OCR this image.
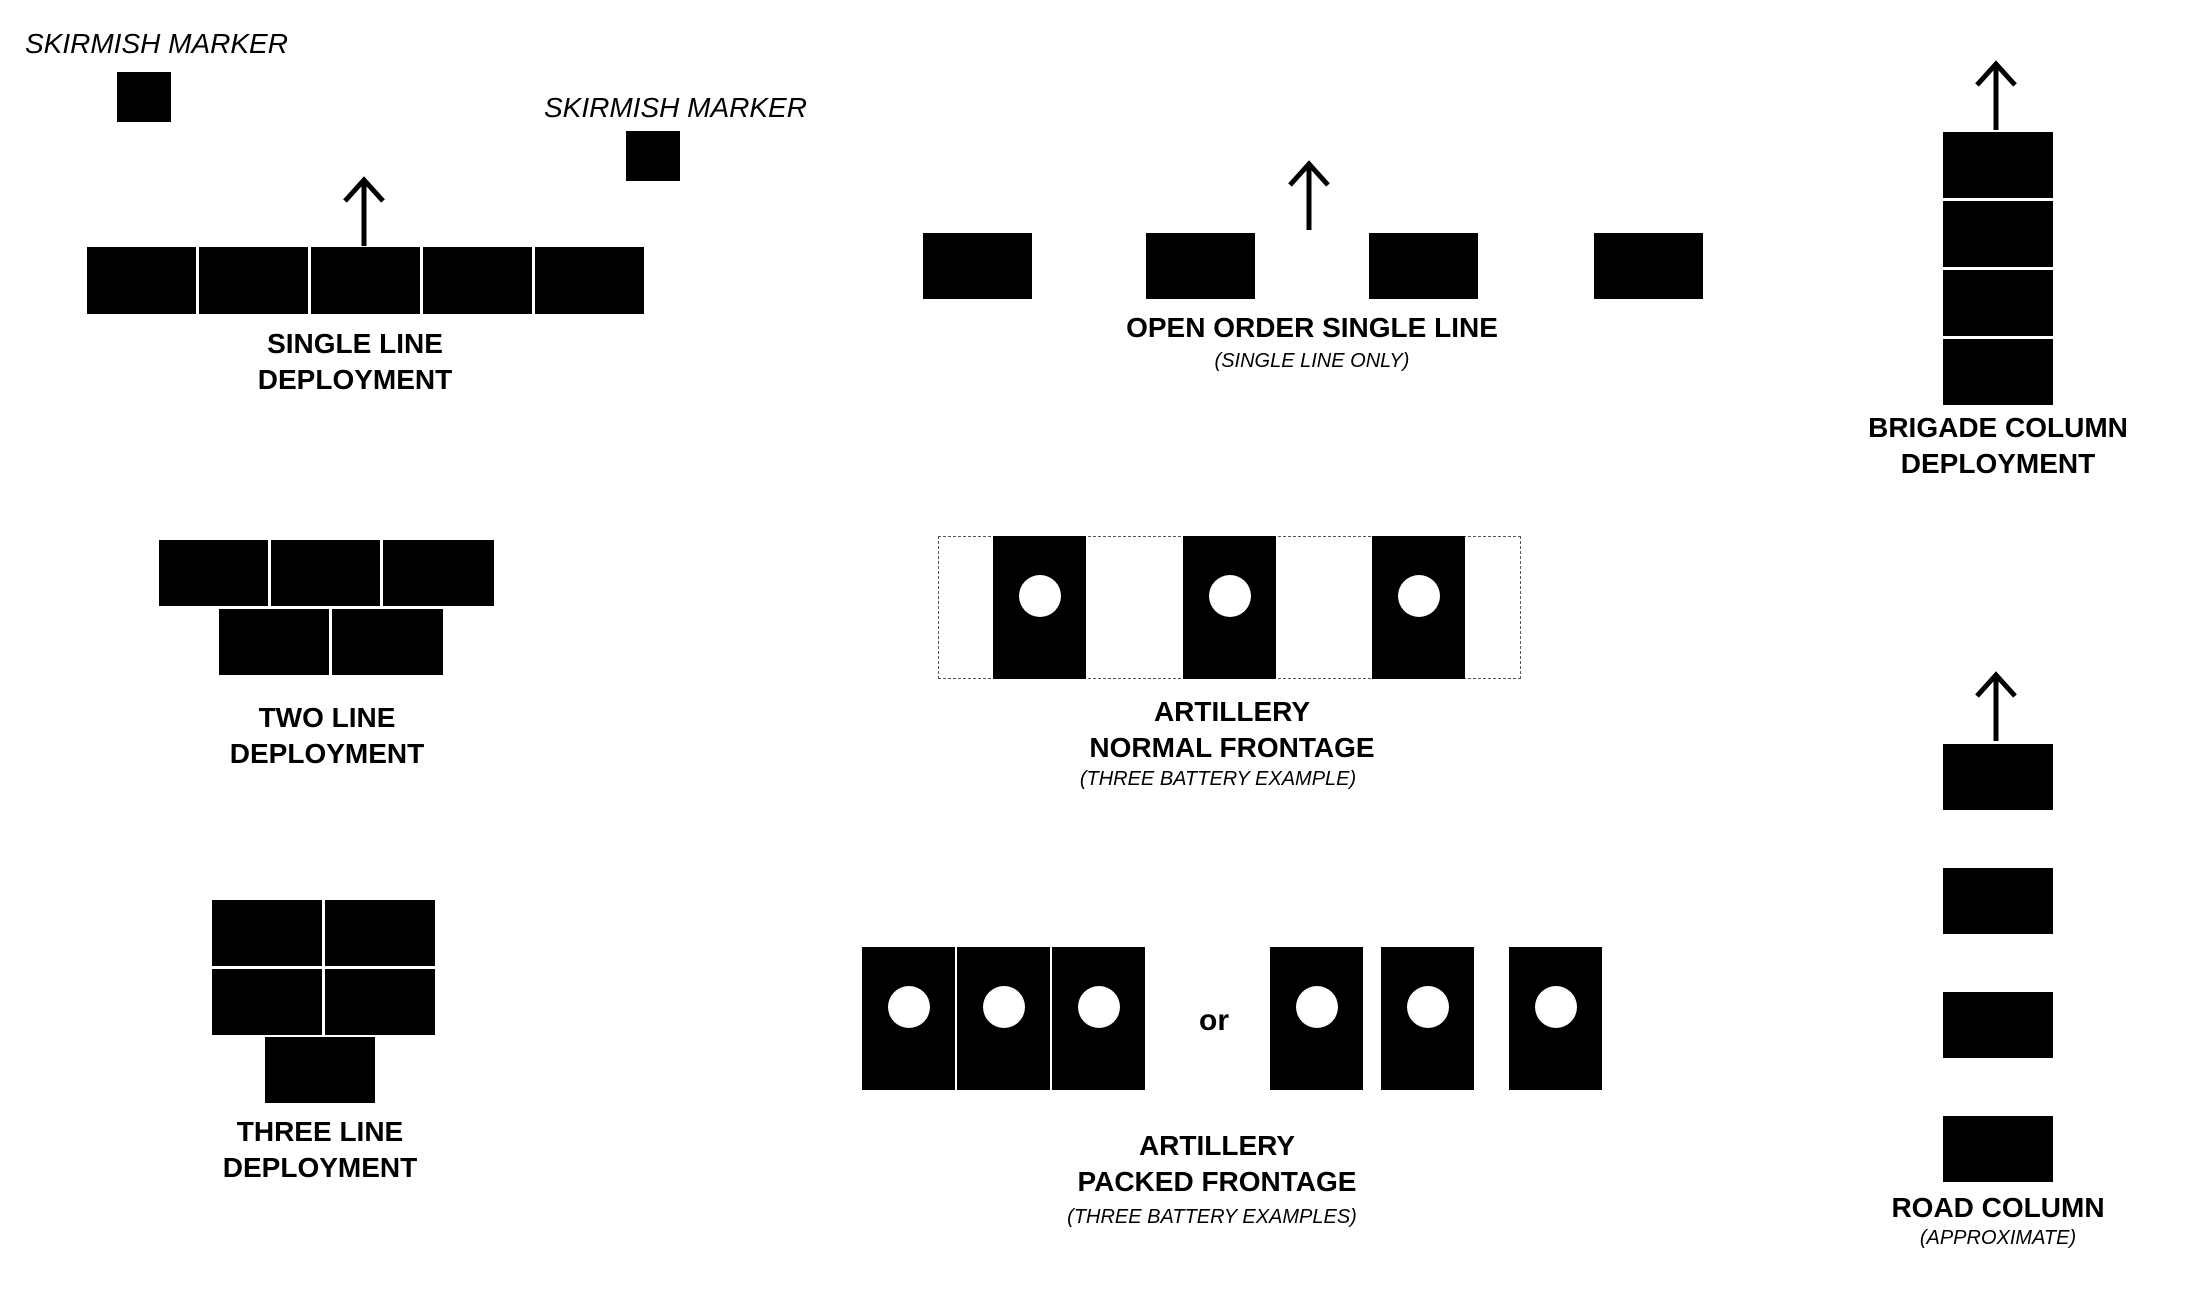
SKIRMISH MARKER
SKIRMISH MARKER
SINGLE LINE
DEPLOYMENT
OPEN ORDER SINGLE LINE
(SINGLE LINE ONLY)
BRIGADE COLUMN
DEPLOYMENT
TWO LINE
DEPLOYMENT
ARTILLERY
NORMAL FRONTAGE
(THREE BATTERY EXAMPLE)
THREE LINE
DEPLOYMENT
or
ARTILLERY
PACKED FRONTAGE
(THREE BATTERY EXAMPLES)	ROAD COLUMN
(APPROXIMATE)
